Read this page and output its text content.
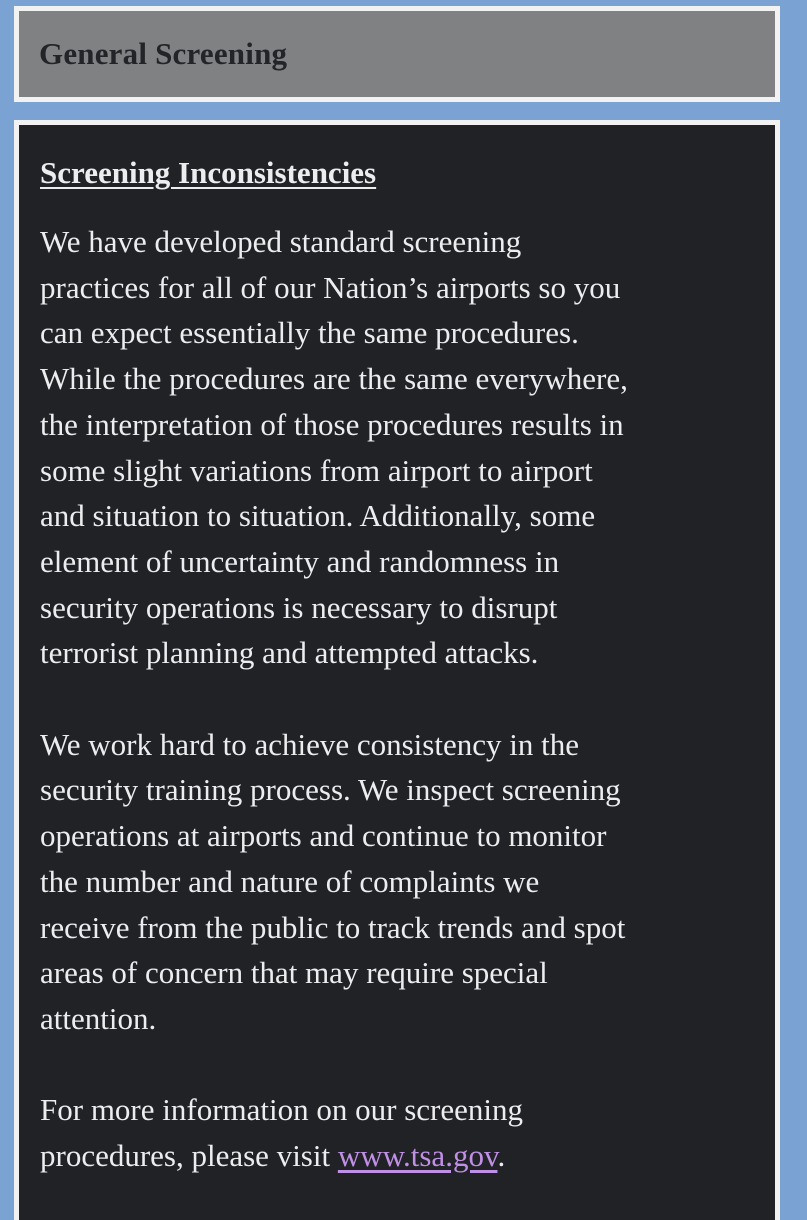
General Screening
Screening Inconsistencies

We have developed standard screening
practices for all of our Nation’s airports so you
can expect essentially the same procedures.
While the procedures are the same everywhere,
the interpretation of those procedures results in
some slight variations from airport to airport
and situation to situation. Additionally, some
element of uncertainty and randomness in
security operations is necessary to disrupt
terrorist planning and attempted attacks.

We work hard to achieve consistency in the
security training process. We inspect screening
operations at airports and continue to monitor
the number and nature of complaints we
receive from the public to track trends and spot
areas of concern that may require special
attention.

For more information on our screening
procedures, please visit www.tsa.gov.
